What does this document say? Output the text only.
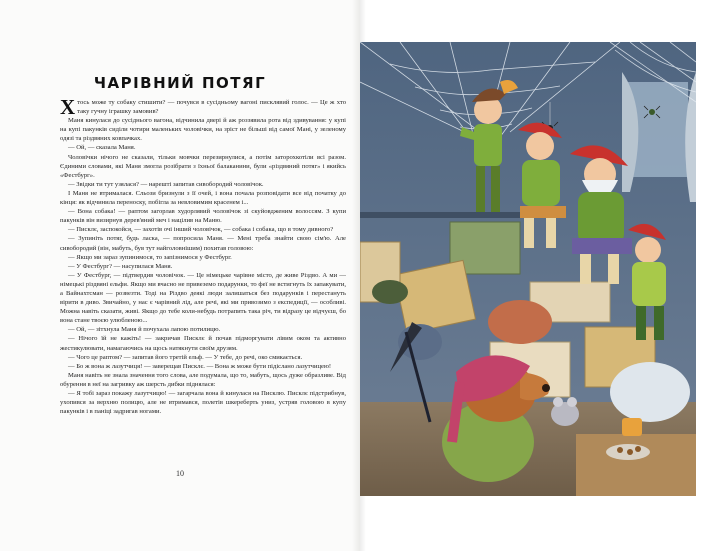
ЧАРІВНИЙ ПОТЯГ

Хтось може ту собаку стишити? — почувся в сусідньому вагоні писклявий голос. — Це ж хто таку гучну іграшку замовив?

Маня кинулася до сусіднього вагона, відчинила двері й аж роззявила рота від здивування: у купі на купі пакунків сиділи чотири маленьких чоловічки, на зріст не більші від самої Мані, у зеленому одязі та різдвяних ковпачках.

— Ой, — сказала Маня.

Чоловічки нічого не сказали, тільки мовчки перезирнулися, а потім заторохкотіли всі разом. Єдиними словами, які Маня змогла розібрати з їхньої балаканини, були «різдвяний потяг» і якийсь «Фестбург».

— Звідки ти тут узялася? — нарешті запитав сивобородий чоловічок.

І Маня не втрималася. Сльози бризнули з її очей, і вона почала розповідати все від початку до кінця: як відчинила переноску, побігла за невловимим красенем і...

— Вона собака! — раптом загорлав худорлявий чоловічок зі скуйовдженим волоссям. З купи пакунків він визирнув дерев'яний меч і націлив на Маню.

— Писклє, заспокойся, — захотів очі інший чоловічок, — собака і собака, що в тому дивного?

— Зупиніть потяг, будь ласка, — попросила Маня. — Мені треба знайти свою сім'ю. Але сивобородий (він, мабуть, був тут найголовнішим) похитав головою:

— Якщо ми зараз зупинимося, то запізнимося у Фестбург.

— У Фестбург? — насупилася Маня.

— У Фестбург, — підтвердив чоловічок. — Це німецьке чарівне місто, де живе Різдво. А ми — німецькі різдвяні ельфи. Якщо ми вчасно не привеземо подарунки, то феї не встигнуть їх запакувати, а Вайнахтсман — розвезти. Тоді на Різдво деякі люди залишаться без подарунків і перестануть вірити в диво. Звичайно, у нас є чарівний лід, але речі, які ми привозимо з експедиції, — особливі. Можна навіть сказати, живі. Якщо до тебе коли-небудь потрапить така річ, ти відразу це відчуєш, бо вона стане твоєю улюбленою...

— Ой, — зітхнула Маня й почухала лапою потилицю.

— Нічого їй не кажіть! — закричав Писклє й почав підморгувати лівим оком та активно жестикулювати, намагаючись на щось натякнути своїм друзям.

— Чого це раптом? — запитав його третій ельф. — У тебе, до речі, око смикається.

— Бо ж вона ж лазутчиця! — заверещав Писклє. — Вона ж може бути підіслано лазутчицею!

Маня навіть не знала значення того слова, але подумала, що то, мабуть, щось дуже образливе. Від обурення в неї на загривку аж шерсть дибки піднялася:

— Я тобі зараз покажу лазутчицю! — загарчала вона й кинулася на Писклю. Писклє підстрибнув, ухопився за верхню полицю, але не втримався, полетів шкереберть униз, устряв головою в купу пакунків і в паніці задригав ногами.

10
